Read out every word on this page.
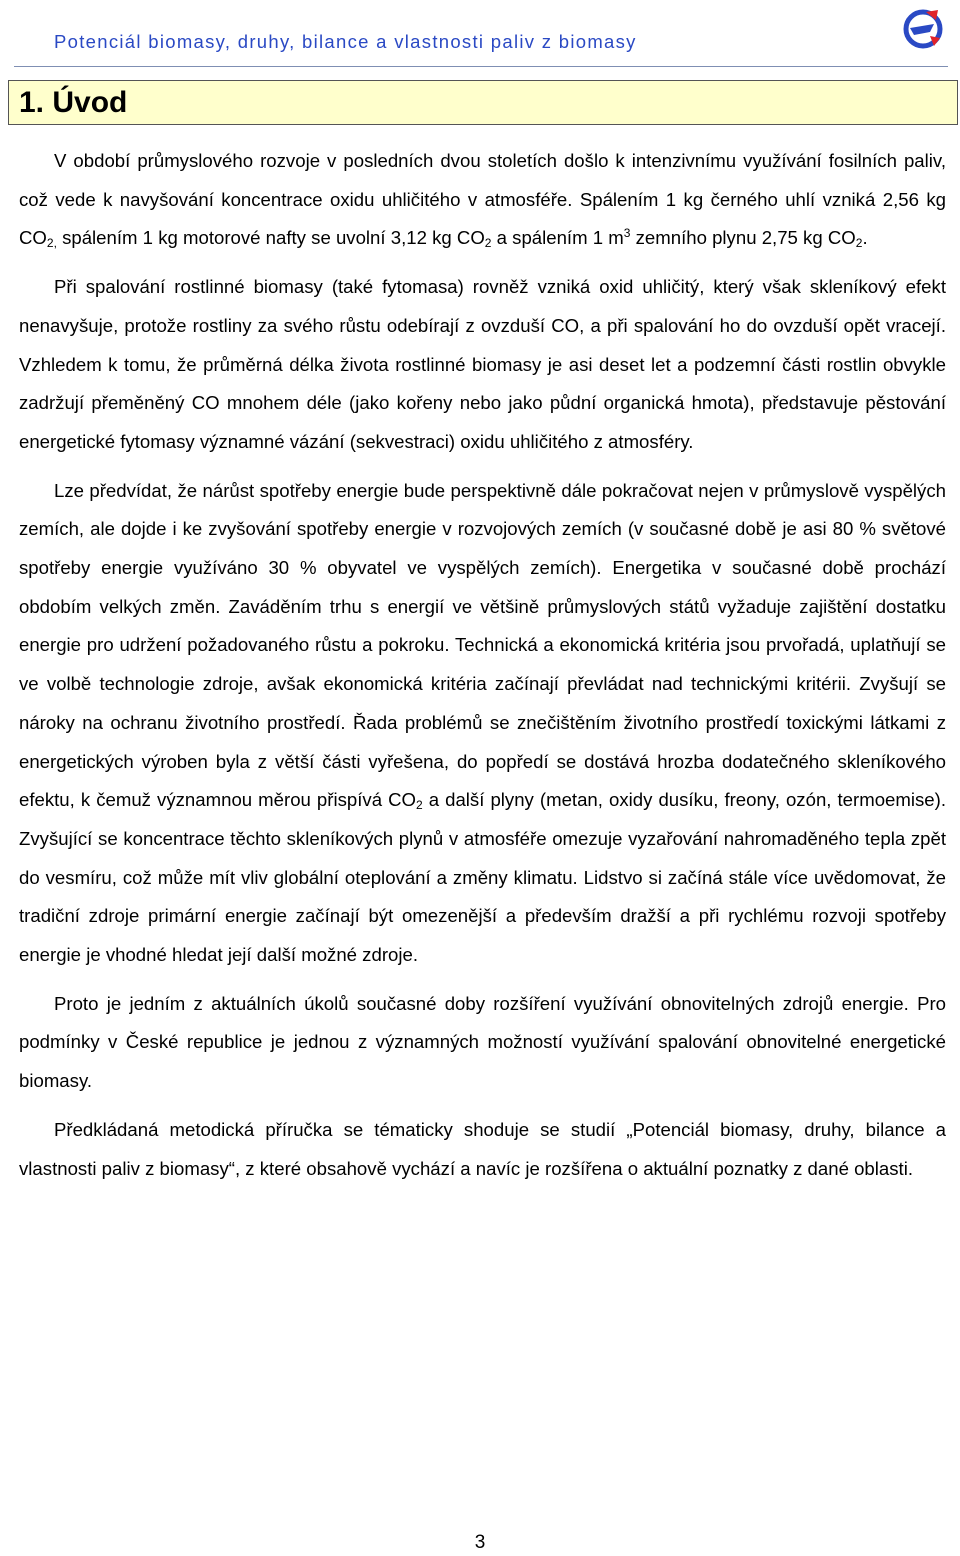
Potenciál biomasy, druhy, bilance a vlastnosti paliv z biomasy
1. Úvod

V období průmyslového rozvoje v posledních dvou stoletích došlo k intenzivnímu využívání fosilních paliv, což vede k navyšování koncentrace oxidu uhličitého v atmosféře. Spálením 1 kg černého uhlí vzniká 2,56 kg $CO_{2,}$ spálením 1 kg motorové nafty se uvolní 3,12 kg $CO_2$ a spálením 1 $m^3$ zemního plynu 2,75 kg $CO_2$.

Při spalování rostlinné biomasy (také fytomasa) rovněž vzniká oxid uhličitý, který však skleníkový efekt nenavyšuje, protože rostliny za svého růstu odebírají z ovzduší CO, a při spalování ho do ovzduší opět vracejí. Vzhledem k tomu, že průměrná délka života rostlinné biomasy je asi deset let a podzemní části rostlin obvykle zadržují přeměněný CO mnohem déle (jako kořeny nebo jako půdní organická hmota), představuje pěstování energetické fytomasy významné vázání (sekvestraci) oxidu uhličitého z atmosféry.

Lze předvídat, že nárůst spotřeby energie bude perspektivně dále pokračovat nejen v průmyslově vyspělých zemích, ale dojde i ke zvyšování spotřeby energie v rozvojových zemích (v současné době je asi 80 % světové spotřeby energie využíváno 30 % obyvatel ve vyspělých zemích). Energetika v současné době prochází obdobím velkých změn. Zaváděním trhu s energií ve většině průmyslových států vyžaduje zajištění dostatku energie pro udržení požadovaného růstu a pokroku. Technická a ekonomická kritéria jsou prvořadá, uplatňují se ve volbě technologie zdroje, avšak ekonomická kritéria začínají převládat nad technickými kritérii. Zvyšují se nároky na ochranu životního prostředí. Řada problémů se znečištěním životního prostředí toxickými látkami z energetických výroben byla z větší části vyřešena, do popředí se dostává hrozba dodatečného skleníkového efektu, k čemuž významnou měrou přispívá $CO_2$ a další plyny (metan, oxidy dusíku, freony, ozón, termoemise). Zvyšující se koncentrace těchto skleníkových plynů v atmosféře omezuje vyzařování nahromaděného tepla zpět do vesmíru, což může mít vliv globální oteplování a změny klimatu. Lidstvo si začíná stále více uvědomovat, že tradiční zdroje primární energie začínají být omezenější a především dražší a při rychlému rozvoji spotřeby energie je vhodné hledat její další možné zdroje.

Proto je jedním z aktuálních úkolů současné doby rozšíření využívání obnovitelných zdrojů energie. Pro podmínky v České republice je jednou z významných možností využívání spalování obnovitelné energetické biomasy.

Předkládaná metodická příručka se tématicky shoduje se studií „Potenciál biomasy, druhy, bilance a vlastnosti paliv z biomasy“, z které obsahově vychází a navíc je rozšířena o aktuální poznatky z dané oblasti.

3
